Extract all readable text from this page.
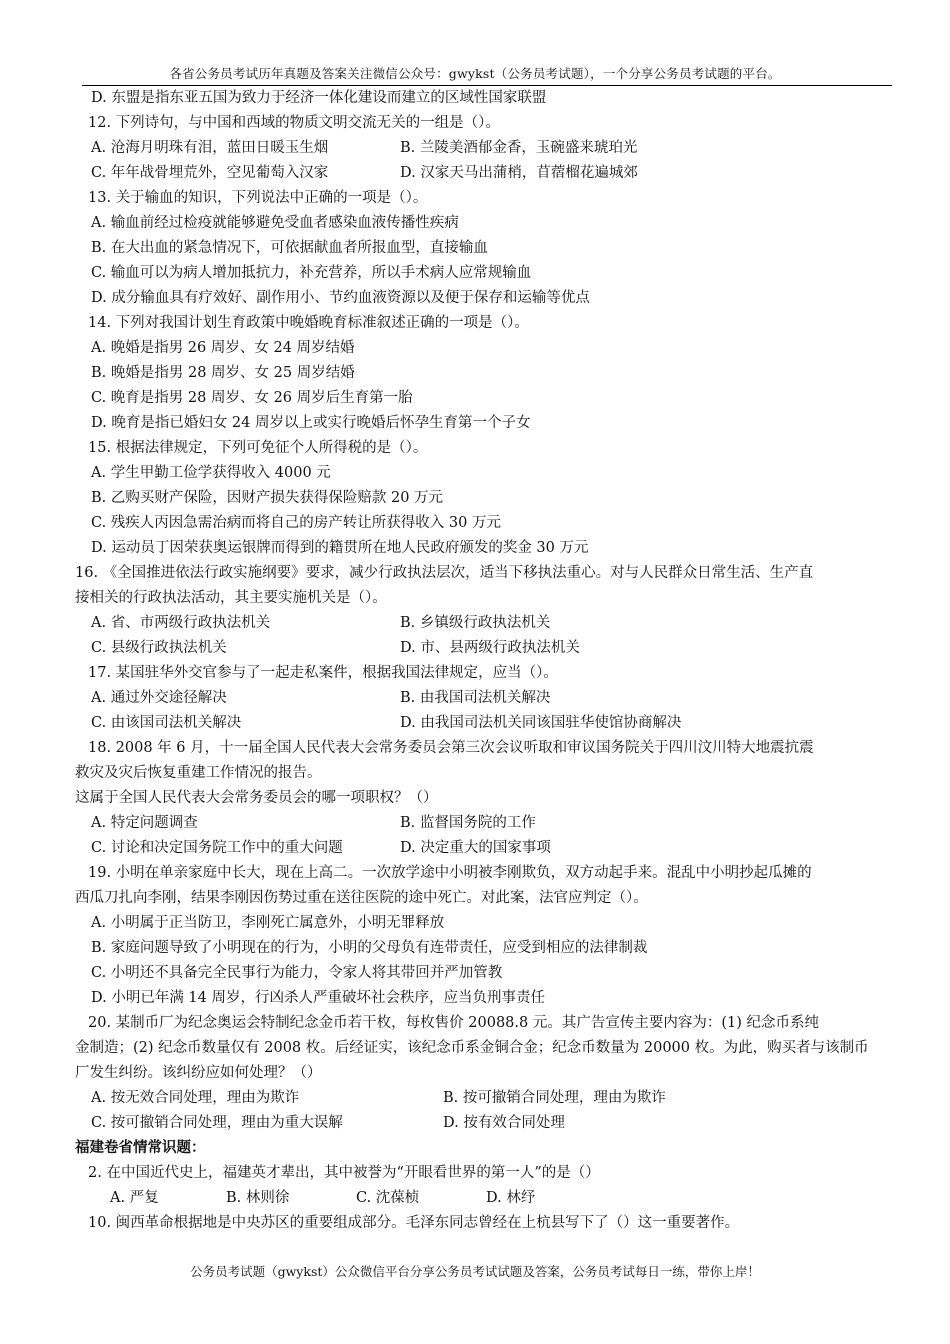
各省公务员考试历年真题及答案关注微信公众号：gwykst（公务员考试题），一个分享公务员考试题的平台。
D. 东盟是指东亚五国为致力于经济一体化建设而建立的区域性国家联盟
12. 下列诗句，与中国和西域的物质文明交流无关的一组是（）。
A. 沧海月明珠有泪，蓝田日暖玉生烟	B. 兰陵美酒郁金香，玉碗盛来琥珀光
C. 年年战骨埋荒外，空见葡萄入汉家	D. 汉家天马出蒲梢，苜蓿榴花遍城郊
13. 关于输血的知识，下列说法中正确的一项是（）。
A. 输血前经过检疫就能够避免受血者感染血液传播性疾病
B. 在大出血的紧急情况下，可依据献血者所报血型，直接输血
C. 输血可以为病人增加抵抗力，补充营养，所以手术病人应常规输血
D. 成分输血具有疗效好、副作用小、节约血液资源以及便于保存和运输等优点
14. 下列对我国计划生育政策中晚婚晚育标准叙述正确的一项是（）。
A. 晚婚是指男 26 周岁、女 24 周岁结婚
B. 晚婚是指男 28 周岁、女 25 周岁结婚
C. 晚育是指男 28 周岁、女 26 周岁后生育第一胎
D. 晚育是指已婚妇女 24 周岁以上或实行晚婚后怀孕生育第一个子女
15. 根据法律规定，下列可免征个人所得税的是（）。
A. 学生甲勤工俭学获得收入 4000 元
B. 乙购买财产保险，因财产损失获得保险赔款 20 万元
C. 残疾人丙因急需治病而将自己的房产转让所获得收入 30 万元
D. 运动员丁因荣获奥运银牌而得到的籍贯所在地人民政府颁发的奖金 30 万元
16. 《全国推进依法行政实施纲要》要求，减少行政执法层次，适当下移执法重心。对与人民群众日常生活、生产直
接相关的行政执法活动，其主要实施机关是（）。
A. 省、市两级行政执法机关	B. 乡镇级行政执法机关
C. 县级行政执法机关	D. 市、县两级行政执法机关
17. 某国驻华外交官参与了一起走私案件，根据我国法律规定，应当（）。
A. 通过外交途径解决	B. 由我国司法机关解决
C. 由该国司法机关解决	D. 由我国司法机关同该国驻华使馆协商解决
18. 2008 年 6 月，十一届全国人民代表大会常务委员会第三次会议听取和审议国务院关于四川汶川特大地震抗震
救灾及灾后恢复重建工作情况的报告。
这属于全国人民代表大会常务委员会的哪一项职权？（）
A. 特定问题调查	B. 监督国务院的工作
C. 讨论和决定国务院工作中的重大问题	D. 决定重大的国家事项
19. 小明在单亲家庭中长大，现在上高二。一次放学途中小明被李刚欺负，双方动起手来。混乱中小明抄起瓜摊的
西瓜刀扎向李刚，结果李刚因伤势过重在送往医院的途中死亡。对此案，法官应判定（）。
A. 小明属于正当防卫，李刚死亡属意外，小明无罪释放
B. 家庭问题导致了小明现在的行为，小明的父母负有连带责任，应受到相应的法律制裁
C. 小明还不具备完全民事行为能力，令家人将其带回并严加管教
D. 小明已年满 14 周岁，行凶杀人严重破坏社会秩序，应当负刑事责任
20. 某制币厂为纪念奥运会特制纪念金币若干枚，每枚售价 20088.8 元。其广告宣传主要内容为：(1) 纪念币系纯
金制造；(2) 纪念币数量仅有 2008 枚。后经证实，该纪念币系金铜合金；纪念币数量为 20000 枚。为此，购买者与该制币
厂发生纠纷。该纠纷应如何处理？（）
A. 按无效合同处理，理由为欺诈	B. 按可撤销合同处理，理由为欺诈
C. 按可撤销合同处理，理由为重大误解	D. 按有效合同处理
福建卷省情常识题：
2. 在中国近代史上，福建英才辈出，其中被誉为“开眼看世界的第一人”的是（）
A. 严复	B. 林则徐	C. 沈葆桢	D. 林纾
10. 闽西革命根据地是中央苏区的重要组成部分。毛泽东同志曾经在上杭县写下了（）这一重要著作。
公务员考试题（gwykst）公众微信平台分享公务员考试试题及答案，公务员考试每日一练，带你上岸！
